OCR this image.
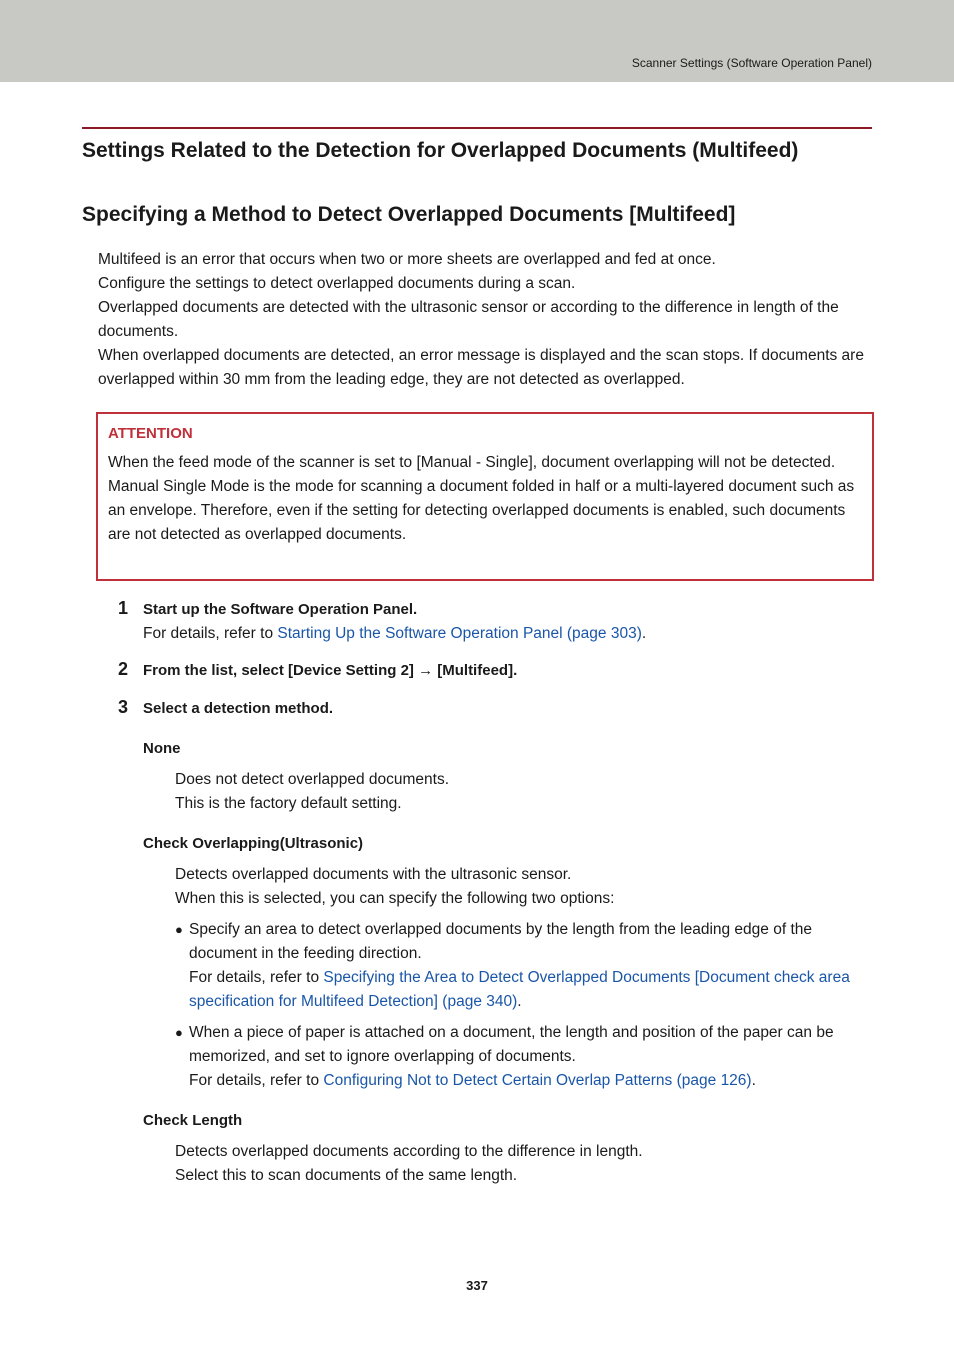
Scanner Settings (Software Operation Panel)
Settings Related to the Detection for Overlapped Documents (Multifeed)
Specifying a Method to Detect Overlapped Documents [Multifeed]

Multifeed is an error that occurs when two or more sheets are overlapped and fed at once.

Configure the settings to detect overlapped documents during a scan.

Overlapped documents are detected with the ultrasonic sensor or according to the difference in length of the documents.

When overlapped documents are detected, an error message is displayed and the scan stops. If documents are overlapped within 30 mm from the leading edge, they are not detected as overlapped.

ATTENTION

When the feed mode of the scanner is set to [Manual - Single], document overlapping will not be detected.

Manual Single Mode is the mode for scanning a document folded in half or a multi-layered document such as an envelope. Therefore, even if the setting for detecting overlapped documents is enabled, such documents are not detected as overlapped documents.

1 Start up the Software Operation Panel.
For details, refer to Starting Up the Software Operation Panel (page 303).
2 From the list, select [Device Setting 2] → [Multifeed].
3 Select a detection method.
None

Does not detect overlapped documents.

This is the factory default setting.

Check Overlapping(Ultrasonic)

Detects overlapped documents with the ultrasonic sensor.

When this is selected, you can specify the following two options:

● Specify an area to detect overlapped documents by the length from the leading edge of the document in the feeding direction.

For details, refer to Specifying the Area to Detect Overlapped Documents [Document check area specification for Multifeed Detection] (page 340).

● When a piece of paper is attached on a document, the length and position of the paper can be memorized, and set to ignore overlapping of documents.

For details, refer to Configuring Not to Detect Certain Overlap Patterns (page 126).

Check Length

Detects overlapped documents according to the difference in length.

Select this to scan documents of the same length.

337
